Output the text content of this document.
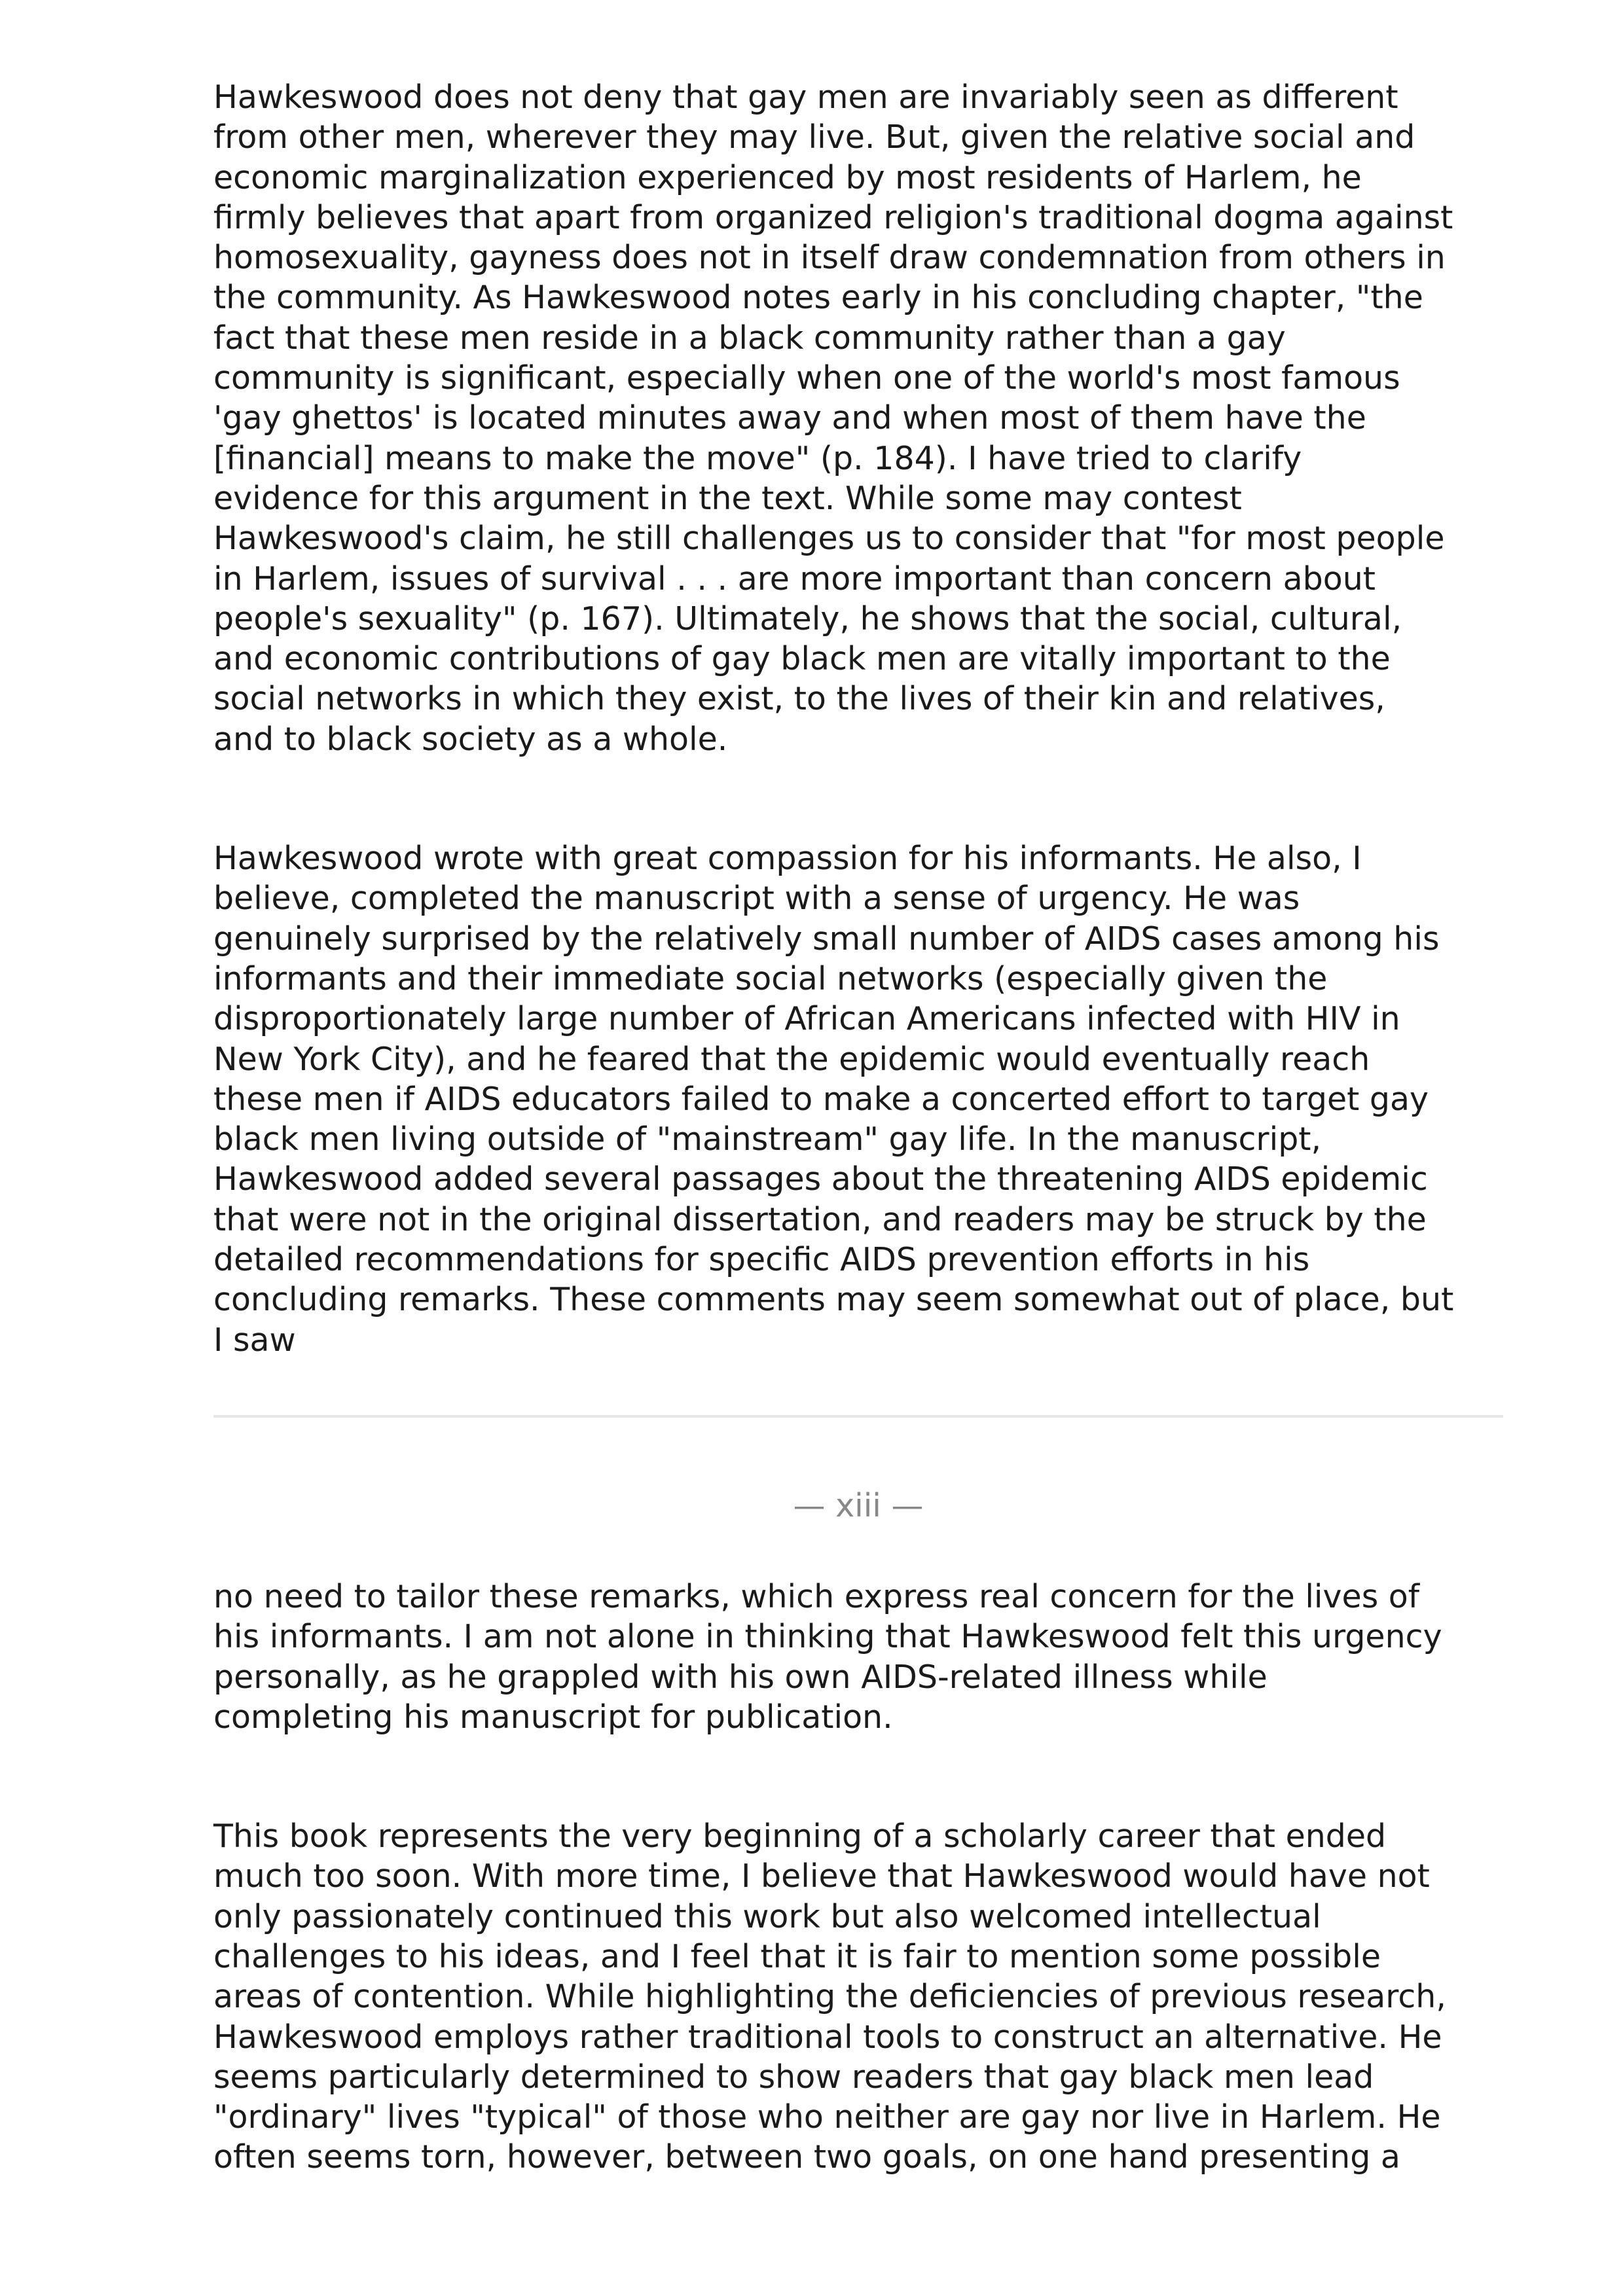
Hawkeswood does not deny that gay men are invariably seen as different
from other men, wherever they may live. But, given the relative social and
economic marginalization experienced by most residents of Harlem, he
firmly believes that apart from organized religion's traditional dogma against
homosexuality, gayness does not in itself draw condemnation from others in
the community. As Hawkeswood notes early in his concluding chapter, "the
fact that these men reside in a black community rather than a gay
community is significant, especially when one of the world's most famous
'gay ghettos' is located minutes away and when most of them have the
[financial] means to make the move" (p. 184). I have tried to clarify
evidence for this argument in the text. While some may contest
Hawkeswood's claim, he still challenges us to consider that "for most people
in Harlem, issues of survival . . . are more important than concern about
people's sexuality" (p. 167). Ultimately, he shows that the social, cultural,
and economic contributions of gay black men are vitally important to the
social networks in which they exist, to the lives of their kin and relatives,
and to black society as a whole.

Hawkeswood wrote with great compassion for his informants. He also, I
believe, completed the manuscript with a sense of urgency. He was
genuinely surprised by the relatively small number of AIDS cases among his
informants and their immediate social networks (especially given the
disproportionately large number of African Americans infected with HIV in
New York City), and he feared that the epidemic would eventually reach
these men if AIDS educators failed to make a concerted effort to target gay
black men living outside of "mainstream" gay life. In the manuscript,
Hawkeswood added several passages about the threatening AIDS epidemic
that were not in the original dissertation, and readers may be struck by the
detailed recommendations for specific AIDS prevention efforts in his
concluding remarks. These comments may seem somewhat out of place, but
I saw

— xiii —

no need to tailor these remarks, which express real concern for the lives of
his informants. I am not alone in thinking that Hawkeswood felt this urgency
personally, as he grappled with his own AIDS-related illness while
completing his manuscript for publication.

This book represents the very beginning of a scholarly career that ended
much too soon. With more time, I believe that Hawkeswood would have not
only passionately continued this work but also welcomed intellectual
challenges to his ideas, and I feel that it is fair to mention some possible
areas of contention. While highlighting the deficiencies of previous research,
Hawkeswood employs rather traditional tools to construct an alternative. He
seems particularly determined to show readers that gay black men lead
"ordinary" lives "typical" of those who neither are gay nor live in Harlem. He
often seems torn, however, between two goals, on one hand presenting a
